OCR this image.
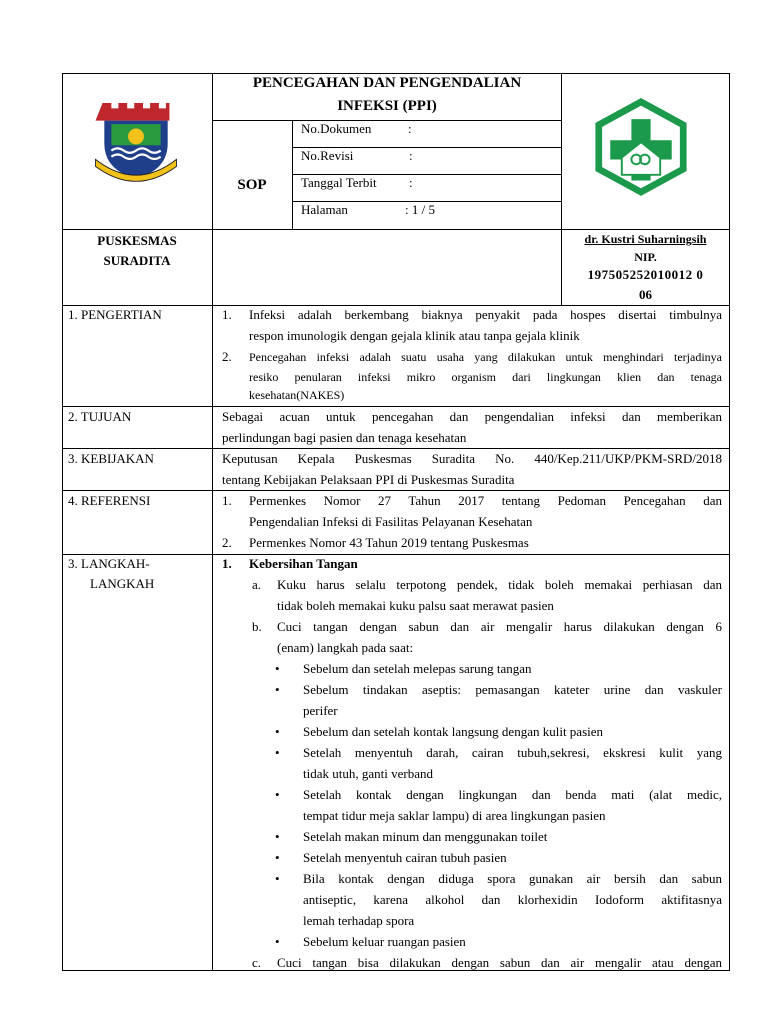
PENCEGAHAN DAN PENGENDALIAN
INFEKSI (PPI)
SOP
No.Dokumen	:
No.Revisi	:
Tanggal Terbit :
Halaman	: 1 / 5
PUSKESMAS
SURADITA
dr. Kustri Suharningsih
NIP.
197505252010012 0
06
1. PENGERTIAN	1. Infeksi adalah berkembang biaknya penyakit pada hospes disertai timbulnya
respon imunologik dengan gejala klinik atau tanpa gejala klinik
2. Pencegahan infeksi adalah suatu usaha yang dilakukan untuk menghindari terjadinya
resiko penularan infeksi mikro organism dari lingkungan klien dan tenaga
kesehatan(NAKES)
2. TUJUAN	Sebagai acuan untuk pencegahan dan pengendalian infeksi dan memberikan
perlindungan bagi pasien dan tenaga kesehatan
3. KEBIJAKAN	Keputusan Kepala Puskesmas Suradita No. 440/Kep.211/UKP/PKM-SRD/2018
tentang Kebijakan Pelaksaan PPI di Puskesmas Suradita
4. REFERENSI	1. Permenkes Nomor 27 Tahun 2017 tentang Pedoman Pencegahan dan
Pengendalian Infeksi di Fasilitas Pelayanan Kesehatan
2. Permenkes Nomor 43 Tahun 2019 tentang Puskesmas
3. LANGKAH-
LANGKAH
1. Kebersihan Tangan
a. Kuku harus selalu terpotong pendek, tidak boleh memakai perhiasan dan
tidak boleh memakai kuku palsu saat merawat pasien
b. Cuci tangan dengan sabun dan air mengalir harus dilakukan dengan 6
(enam) langkah pada saat:
• Sebelum dan setelah melepas sarung tangan
• Sebelum tindakan aseptis: pemasangan kateter urine dan vaskuler
perifer
• Sebelum dan setelah kontak langsung dengan kulit pasien
• Setelah menyentuh darah, cairan tubuh,sekresi, ekskresi kulit yang
tidak utuh, ganti verband
• Setelah kontak dengan lingkungan dan benda mati (alat medic,
tempat tidur meja saklar lampu) di area lingkungan pasien
• Setelah makan minum dan menggunakan toilet
• Setelah menyentuh cairan tubuh pasien
• Bila kontak dengan diduga spora gunakan air bersih dan sabun
antiseptic, karena alkohol dan klorhexidin Iodoform aktifitasnya
lemah terhadap spora
• Sebelum keluar ruangan pasien
c. Cuci tangan bisa dilakukan dengan sabun dan air mengalir atau dengan
